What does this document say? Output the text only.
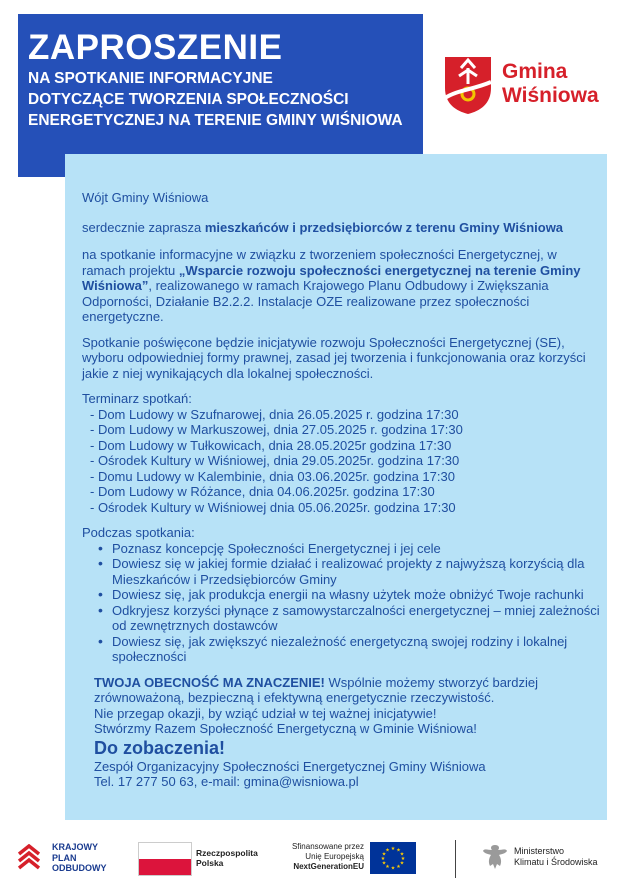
ZAPROSZENIE
NA SPOTKANIE INFORMACYJNE
DOTYCZĄCE TWORZENIA SPOŁECZNOŚCI
ENERGETYCZNEJ NA TERENIE GMINY WIŚNIOWA
Gmina
Wiśniowa

Wójt Gminy Wiśniowa

serdecznie zaprasza mieszkańców i przedsiębiorców z terenu Gminy Wiśniowa

na spotkanie informacyjne w związku z tworzeniem społeczności Energetycznej, w ramach projektu „Wsparcie rozwoju społeczności energetycznej na terenie Gminy Wiśniowa”, realizowanego w ramach Krajowego Planu Odbudowy i Zwiększania Odporności, Działanie B2.2.2. Instalacje OZE realizowane przez społeczności energetyczne.

Spotkanie poświęcone będzie inicjatywie rozwoju Społeczności Energetycznej (SE), wyboru odpowiedniej formy prawnej, zasad jej tworzenia i funkcjonowania oraz korzyści jakie z niej wynikających dla lokalnej społeczności.

Terminarz spotkań:

- Dom Ludowy w Szufnarowej, dnia 26.05.2025 r. godzina 17:30
- Dom Ludowy w Markuszowej, dnia 27.05.2025 r. godzina 17:30
- Dom Ludowy w Tułkowicach, dnia 28.05.2025r godzina 17:30
- Ośrodek Kultury w Wiśniowej, dnia 29.05.2025r. godzina 17:30
- Domu Ludowy w Kalembinie, dnia 03.06.2025r. godzina 17:30
- Dom Ludowy w Różance, dnia 04.06.2025r. godzina 17:30
- Ośrodek Kultury w Wiśniowej dnia 05.06.2025r. godzina 17:30

Podczas spotkania:

• Poznasz koncepcję Społeczności Energetycznej i jej cele
• Dowiesz się w jakiej formie działać i realizować projekty z najwyższą korzyścią dla Mieszkańców i Przedsiębiorców Gminy
• Dowiesz się, jak produkcja energii na własny użytek może obniżyć Twoje rachunki
• Odkryjesz korzyści płynące z samowystarczalności energetycznej – mniej zależności od zewnętrznych dostawców
• Dowiesz się, jak zwiększyć niezależność energetyczną swojej rodziny i lokalnej społeczności

TWOJA OBECNOŚĆ MA ZNACZENIE! Wspólnie możemy stworzyć bardziej zrównoważoną, bezpieczną i efektywną energetycznie rzeczywistość.

Nie przegap okazji, by wziąć udział w tej ważnej inicjatywie!

Stwórzmy Razem Społeczność Energetyczną w Gminie Wiśniowa!

Do zobaczenia!

Zespół Organizacyjny Społeczności Energetycznej Gminy Wiśniowa

Tel. 17 277 50 63, e-mail: gmina@wisniowa.pl

KRAJOWY
PLAN
ODBUDOWY
Rzeczpospolita
Polska
Sfinansowane przez
Unię Europejską
NextGenerationEU
★ ★
★
★
★
★
★
★
★
★
★
★	Ministerstwo
Klimatu i Środowiska
